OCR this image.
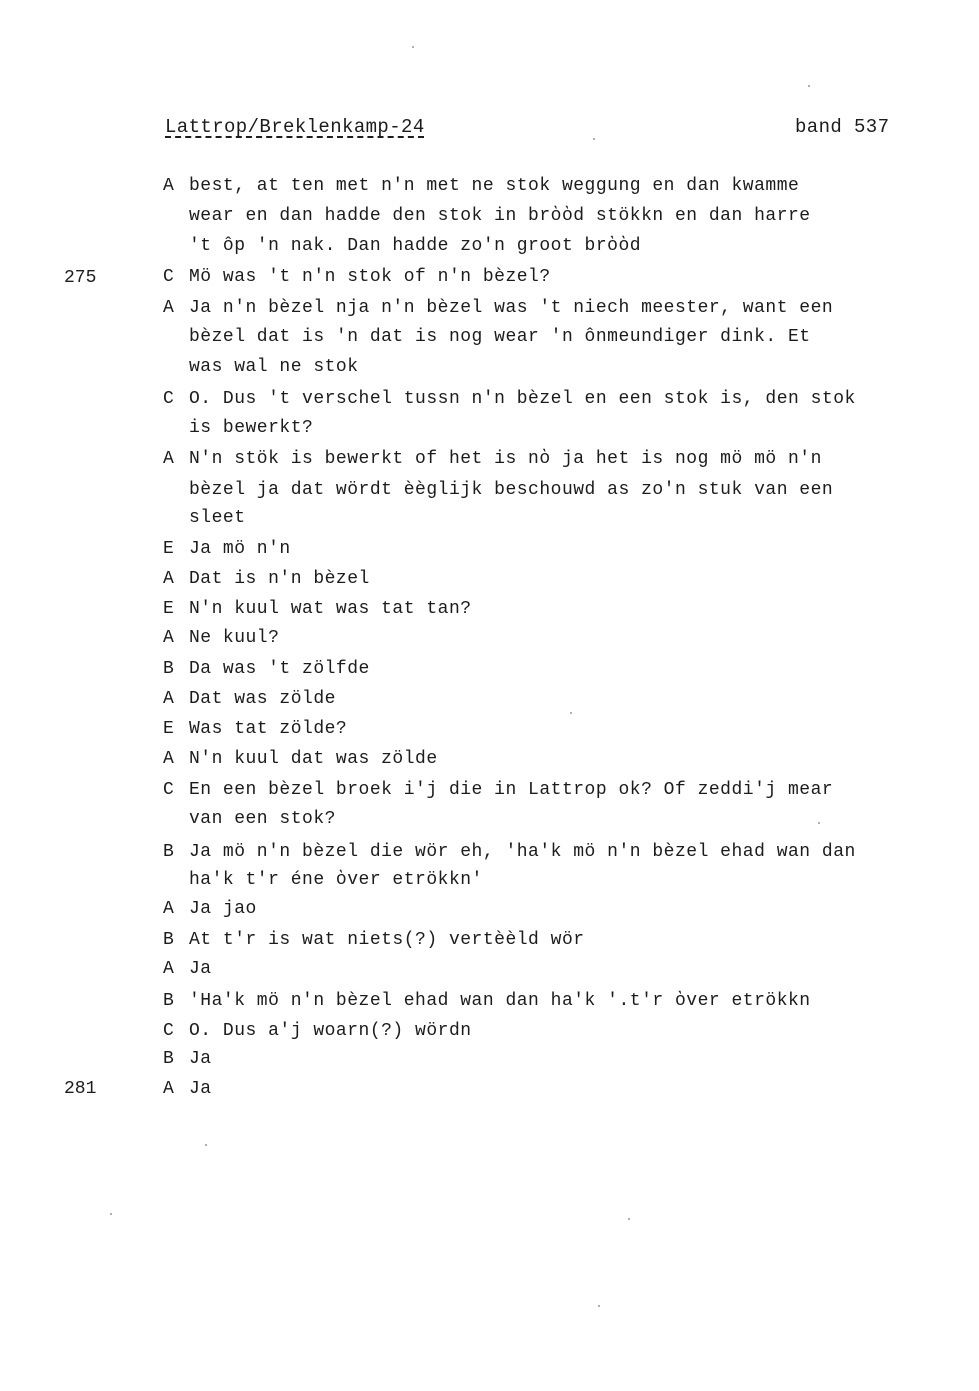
Lattrop/Breklenkamp-24	band 537
275
281
A best, at ten met n'n met ne stok weggung en dan kwamme
wear en dan hadde den stok in brὸὸd stökkn en dan harre
't ôp 'n nak. Dan hadde zo'n groot brὸὸd
C Mö was 't n'n stok of n'n bèzel?
A Ja n'n bèzel nja n'n bèzel was 't niech meester, want een
bèzel dat is 'n dat is nog wear 'n ônmeundiger dink. Et
was wal ne stok
C O. Dus 't verschel tussn n'n bèzel en een stok is, den stok
is bewerkt?
A N'n stök is bewerkt of het is nὸ ja het is nog mö mö n'n
bèzel ja dat wördt èèglijk beschouwd as zo'n stuk van een
sleet
E Ja mö n'n
A Dat is n'n bèzel
E N'n kuul wat was tat tan?
A Ne kuul?
B Da was 't zölfde
A Dat was zölde
E Was tat zölde?
A N'n kuul dat was zölde
C En een bèzel broek i'j die in Lattrop ok? Of zeddi'j mear
van een stok?
B Ja mö n'n bèzel die wör eh, 'ha'k mö n'n bèzel ehad wan dan
ha'k t'r éne ὸver etrökkn'
A Ja jao
B At t'r is wat niets(?) vertèèld wör
A Ja
B 'Ha'k mö n'n bèzel ehad wan dan ha'k '.t'r ὸver etrökkn
C O. Dus a'j woarn(?) wördn
B Ja
A Ja
